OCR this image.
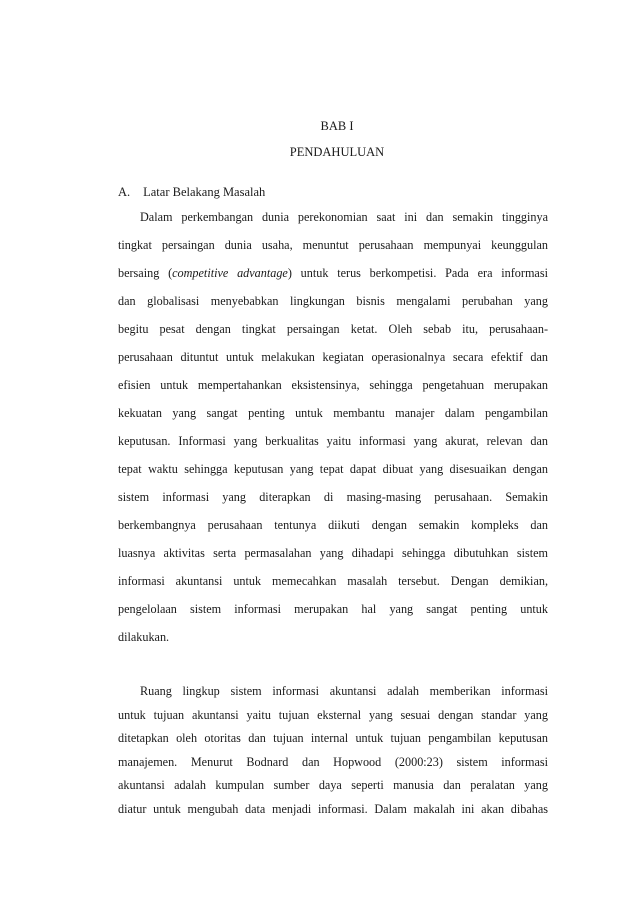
BAB I
PENDAHULUAN
A. Latar Belakang Masalah
Dalam perkembangan dunia perekonomian saat ini dan semakin tingginya
tingkat persaingan dunia usaha, menuntut perusahaan mempunyai keunggulan
bersaing (competitive advantage) untuk terus berkompetisi. Pada era informasi
dan globalisasi menyebabkan lingkungan bisnis mengalami perubahan yang
begitu pesat dengan tingkat persaingan ketat. Oleh sebab itu, perusahaan-
perusahaan dituntut untuk melakukan kegiatan operasionalnya secara efektif dan
efisien untuk mempertahankan eksistensinya, sehingga pengetahuan merupakan
kekuatan yang sangat penting untuk membantu manajer dalam pengambilan
keputusan. Informasi yang berkualitas yaitu informasi yang akurat, relevan dan
tepat waktu sehingga keputusan yang tepat dapat dibuat yang disesuaikan dengan
sistem informasi yang diterapkan di masing-masing perusahaan. Semakin
berkembangnya perusahaan tentunya diikuti dengan semakin kompleks dan
luasnya aktivitas serta permasalahan yang dihadapi sehingga dibutuhkan sistem
informasi akuntansi untuk memecahkan masalah tersebut. Dengan demikian,
pengelolaan sistem informasi merupakan hal yang sangat penting untuk
dilakukan.
Ruang lingkup sistem informasi akuntansi adalah memberikan informasi
untuk tujuan akuntansi yaitu tujuan eksternal yang sesuai dengan standar yang
ditetapkan oleh otoritas dan tujuan internal untuk tujuan pengambilan keputusan
manajemen. Menurut Bodnard dan Hopwood (2000:23) sistem informasi
akuntansi adalah kumpulan sumber daya seperti manusia dan peralatan yang
diatur untuk mengubah data menjadi informasi. Dalam makalah ini akan dibahas
